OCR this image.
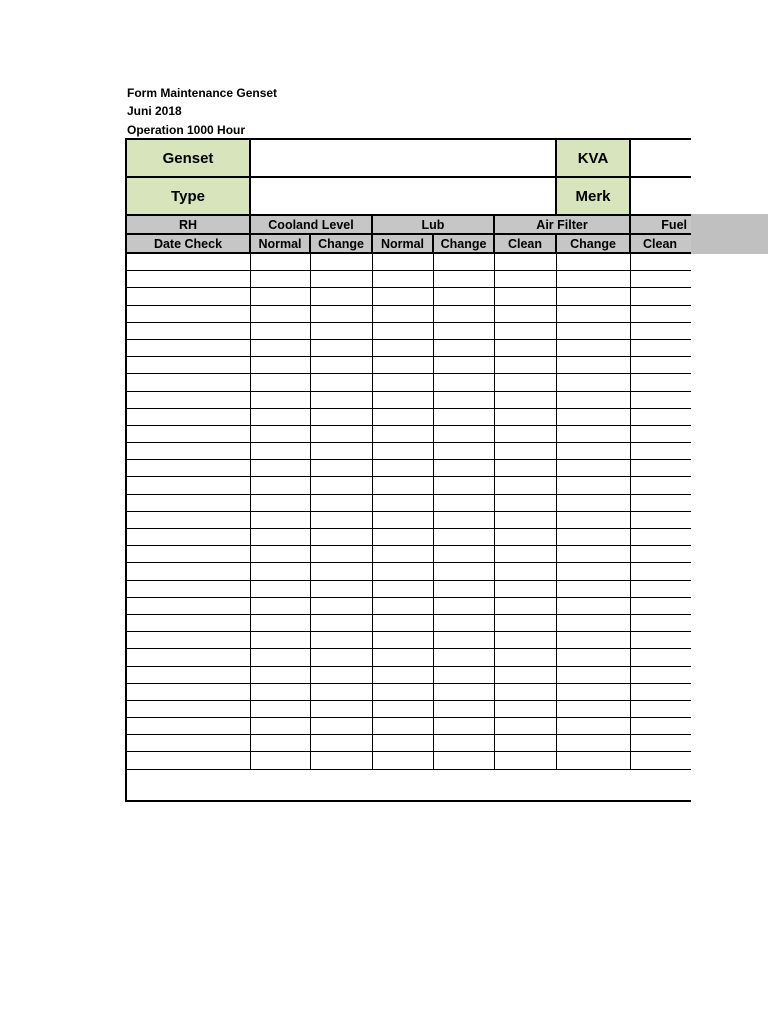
Form Maintenance Genset
Juni 2018
Operation 1000 Hour
Genset	KVA
Type	Merk
RH	Cooland Level	Lub	Air Filter	Fuel
Date Check	Normal	Change	Normal	Change	Clean	Change	Clean
